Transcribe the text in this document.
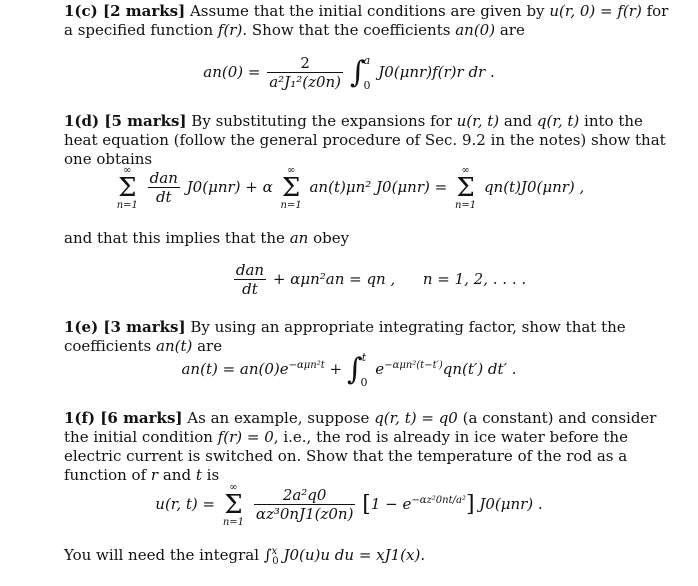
1(c) [2 marks] Assume that the initial conditions are given by u(r, 0) = f(r) for a specified function f(r). Show that the coefficients an(0) are
$an(0) = \frac{2}{\text{a²J₁²(z0n)}}$ ∫
a
0
J0(μnr)f(r)r dr .
1(d) [5 marks] By substituting the expansions for u(r, t) and q(r, t) into the heat equation (follow the general procedure of Sec. 9.2 in the notes) show that one obtains
∞
Σ
n=1

$\frac{\text{dan}}{dt} J0(\mu nr) + \alpha$
∞
Σ
n=1
an(t)μn² J0(μnr) =
∞
Σ
n=1
qn(t)J0(μnr) ,
and that this implies that the an obey
$\frac{\text{dan}}{dt} + \alpha\mu n^2an$ = qn , n = 1, 2, . . . .
1(e) [3 marks] By using an appropriate integrating factor, show that the coefficients an(t) are
$an(t) = an(0)e^{-\alpha\mu n^2t}$ + ∫ t
0
$e^{-\alpha\mu n^2(t-t')}qn(t')$ dt′ .
1(f) [6 marks] As an example, suppose q(r, t) = q0 (a constant) and consider the initial condition f(r) = 0, i.e., the rod is already in ice water before the electric current is switched on. Show that the temperature of the rod as a function of r and t is
u(r, t) =
∞
Σ
n=1

$\frac{\text{2a²q0}}{\text{αz³0nJ1(z0n)}} [1 - e^{-\alpha z^20nt/a^2}]$ J0(μnr) .
You will need the integral ∫$^x_0$ J0(u)u du = xJ1(x).
